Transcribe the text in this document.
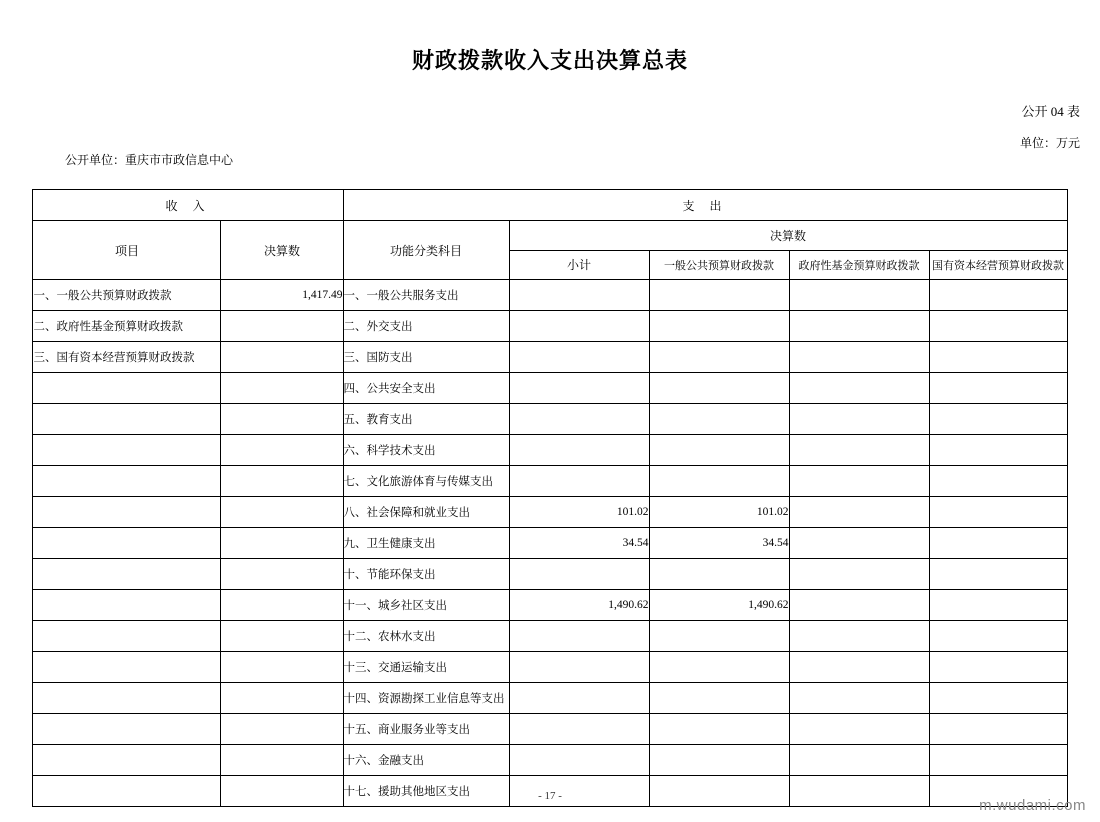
财政拨款收入支出决算总表
公开 04 表

公开单位：重庆市市政信息中心

单位：万元
收 入		支 出				
项目	决算数	功能分类科目	决算数			
			小计	一般公共预算财政拨款	政府性基金预算财政拨款	国有资本经营预算财政拨款
一、一般公共预算财政拨款	1,417.49	一、一般公共服务支出				
二、政府性基金预算财政拨款		二、外交支出				
三、国有资本经营预算财政拨款		三、国防支出				
		四、公共安全支出				
		五、教育支出				
		六、科学技术支出				
		七、文化旅游体育与传媒支出				
		八、社会保障和就业支出	101.02	101.02		
		九、卫生健康支出	34.54	34.54		
		十、节能环保支出				
		十一、城乡社区支出	1,490.62	1,490.62		
		十二、农林水支出				
		十三、交通运输支出				
		十四、资源勘探工业信息等支出				
		十五、商业服务业等支出				
		十六、金融支出				
		十七、援助其他地区支出					- 17 -
m.wudami.com
